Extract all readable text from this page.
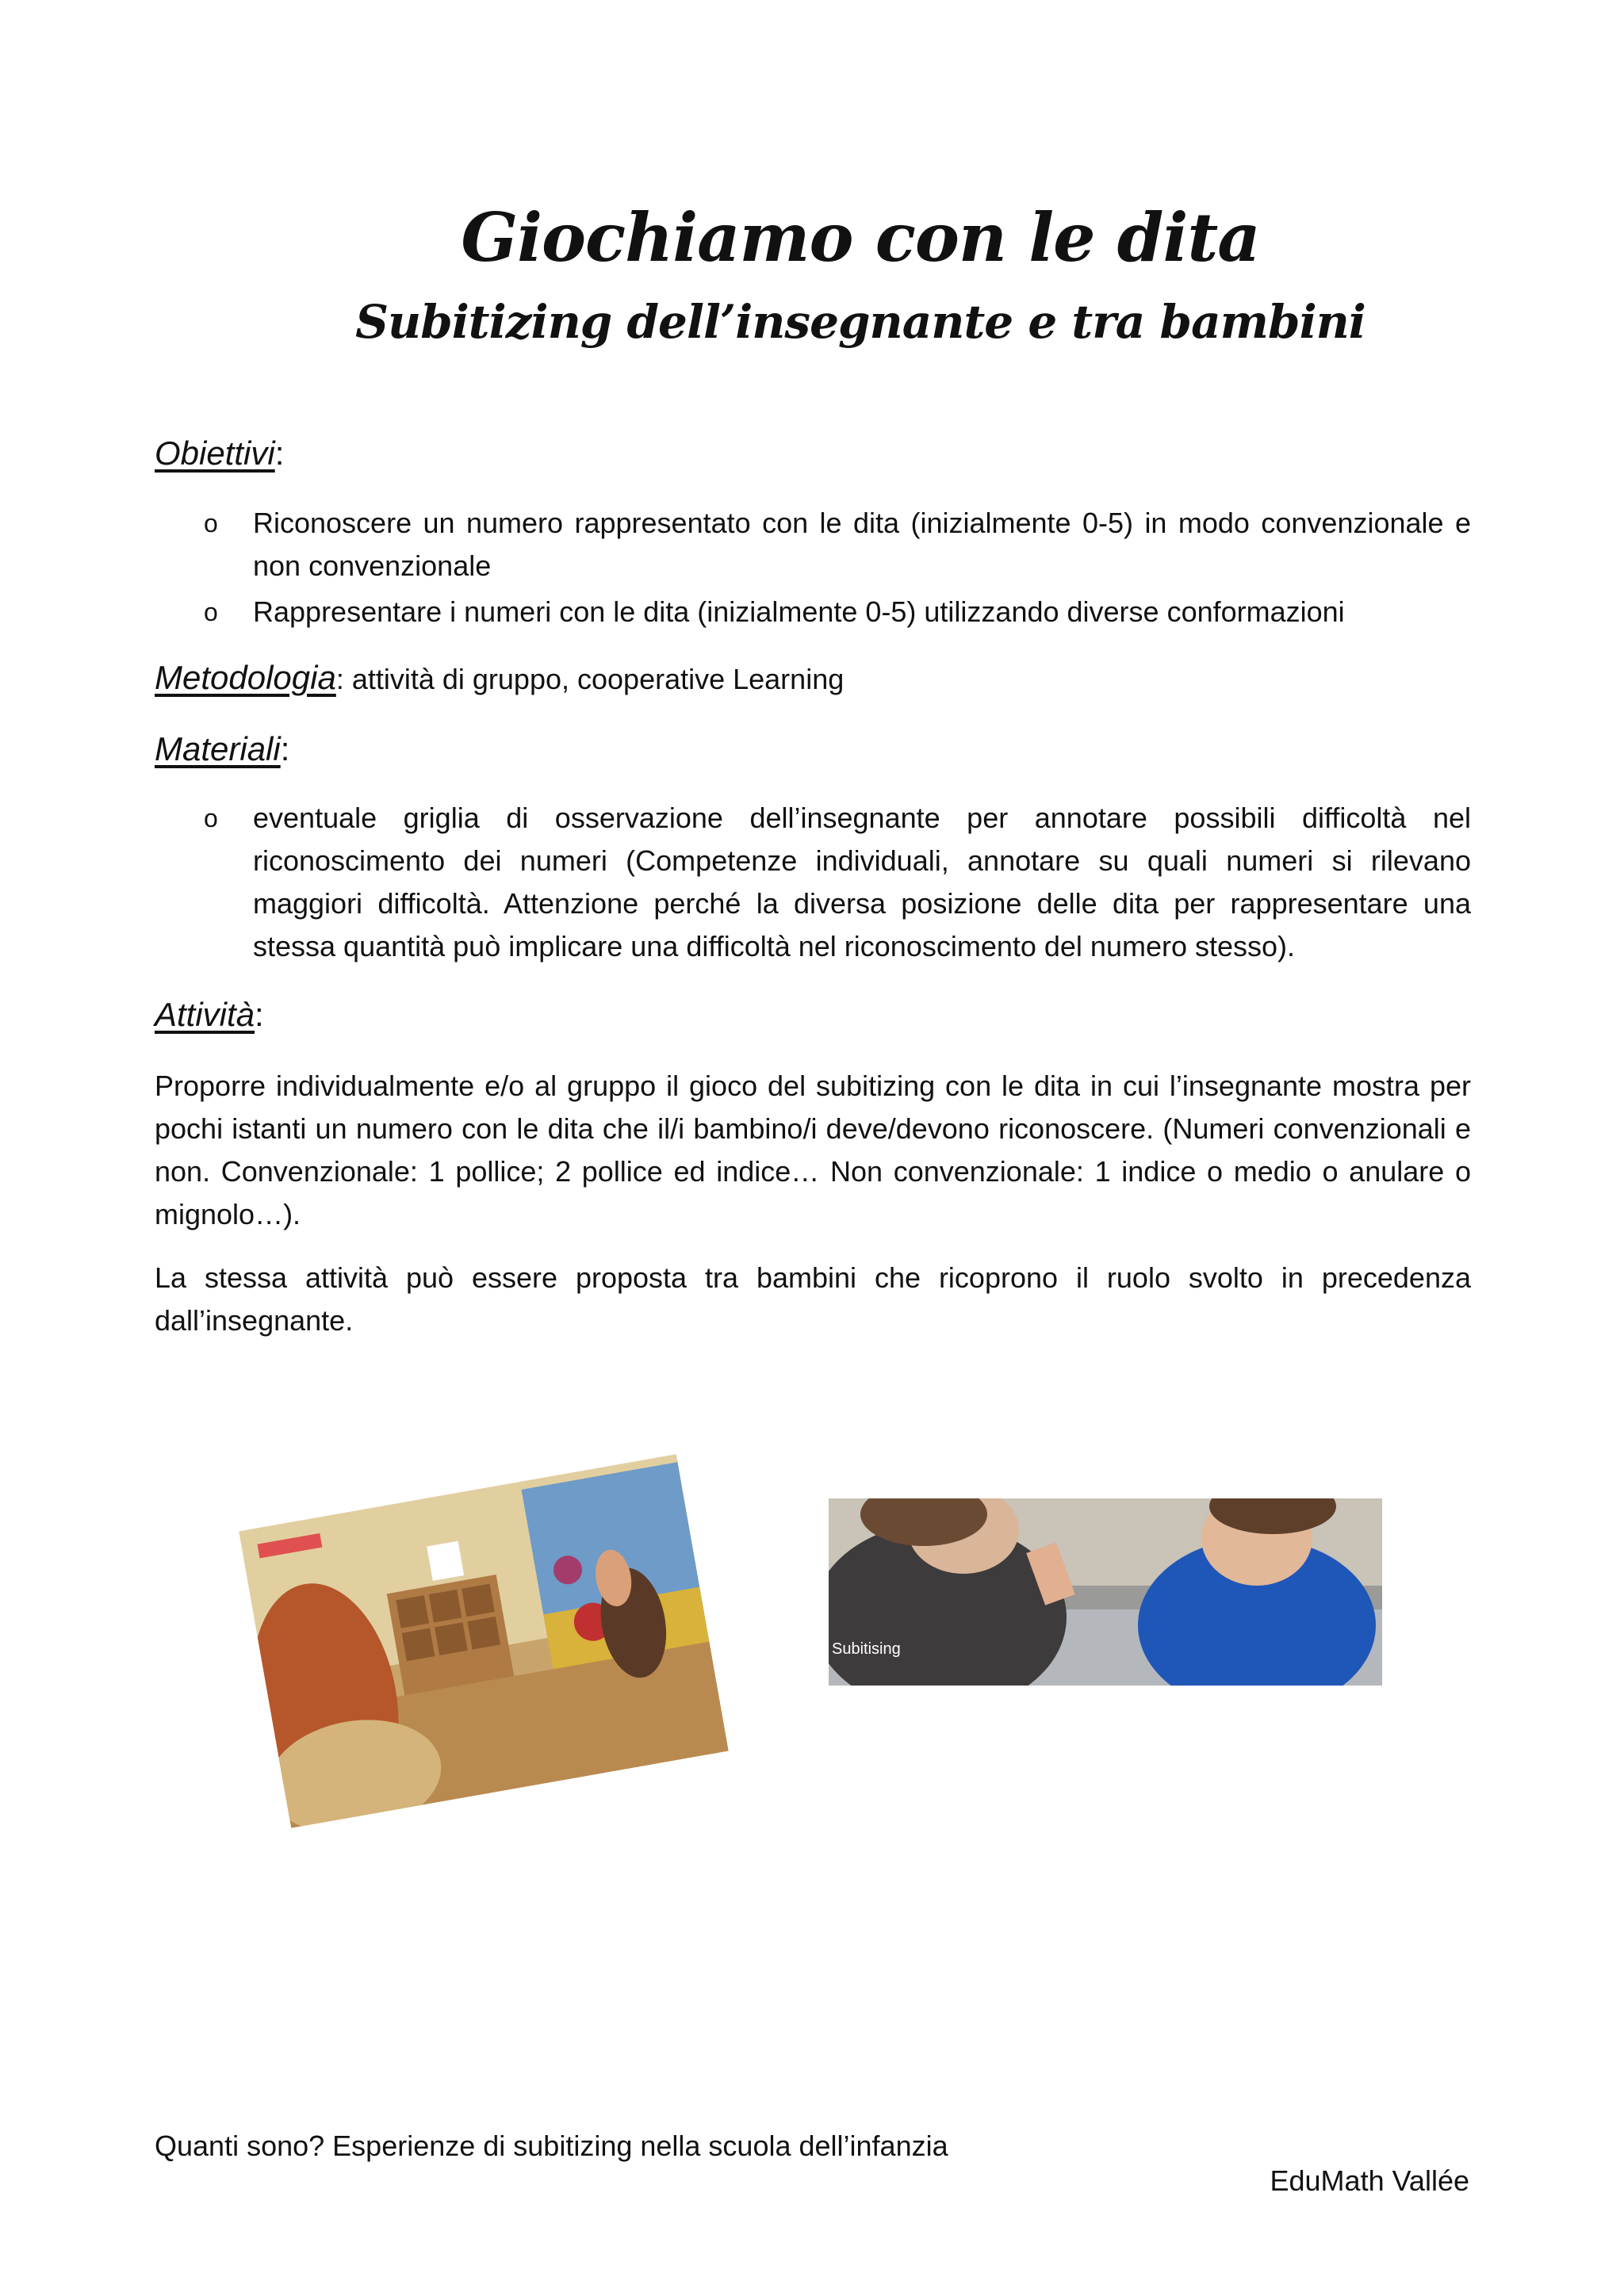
Giochiamo con le dita
Subitizing dell’insegnante e tra bambini
Obiettivi:
o Riconoscere un numero rappresentato con le dita (inizialmente 0-5) in modo convenzionale e non convenzionale
o Rappresentare i numeri con le dita (inizialmente 0-5) utilizzando diverse conformazioni
Metodologia: attività di gruppo, cooperative Learning
Materiali:
o eventuale griglia di osservazione dell’insegnante per annotare possibili difficoltà nel riconoscimento dei numeri (Competenze individuali, annotare su quali numeri si rilevano maggiori difficoltà. Attenzione perché la diversa posizione delle dita per rappresentare una stessa quantità può implicare una difficoltà nel riconoscimento del numero stesso).
Attività:

Proporre individualmente e/o al gruppo il gioco del subitizing con le dita in cui l’insegnante mostra per pochi istanti un numero con le dita che il/i bambino/i deve/devono riconoscere. (Numeri convenzionali e non. Convenzionale: 1 pollice; 2 pollice ed indice… Non convenzionale: 1 indice o medio o anulare o mignolo…).

La stessa attività può essere proposta tra bambini che ricoprono il ruolo svolto in precedenza dall’insegnante.

Subitising
Quanti sono? Esperienze di subitizing nella scuola dell’infanzia
EduMath Vallée
